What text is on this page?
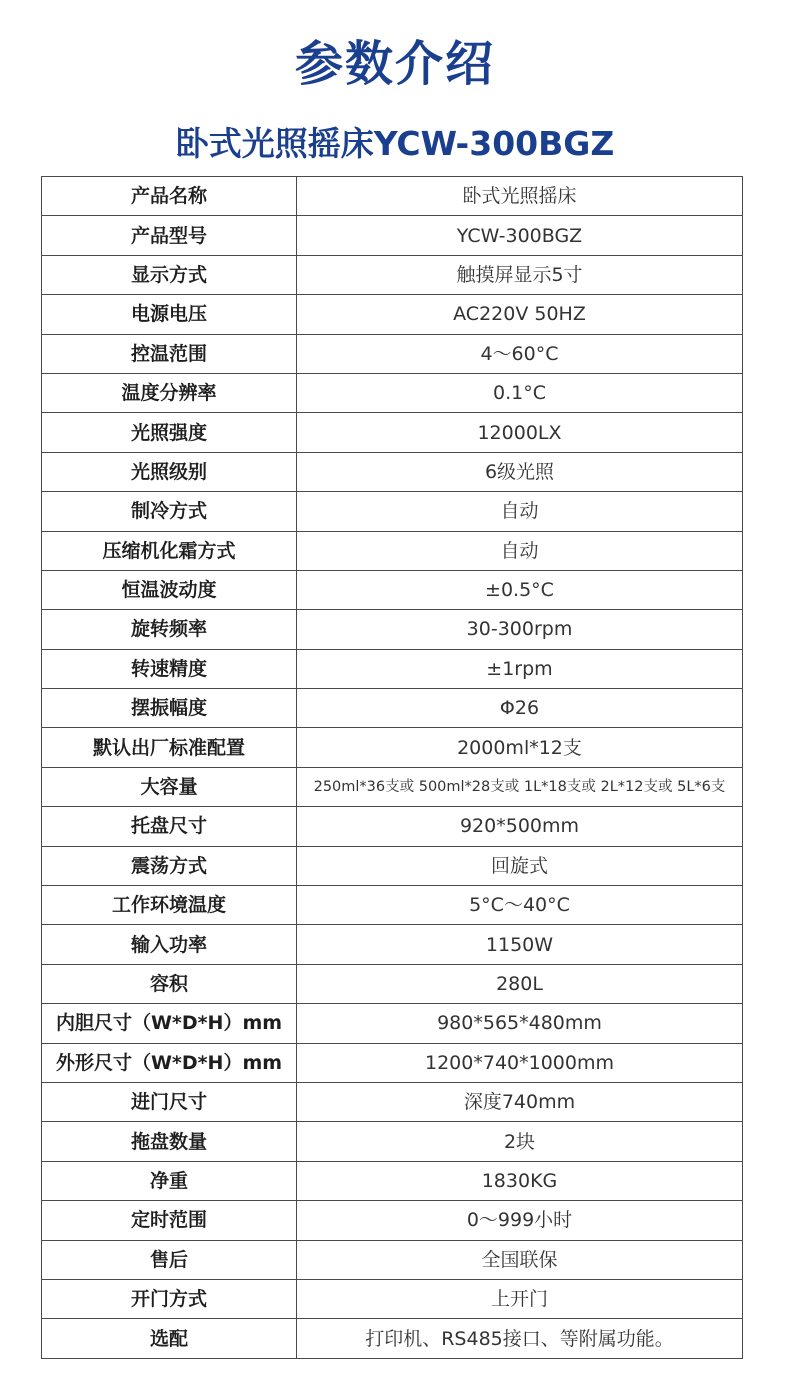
参数介绍
卧式光照摇床YCW-300BGZ
产品名称	卧式光照摇床
产品型号	YCW-300BGZ
显示方式	触摸屏显示5寸
电源电压	AC220V 50HZ
控温范围	4～60°C
温度分辨率	0.1°C
光照强度	12000LX
光照级别	6级光照
制冷方式	自动
压缩机化霜方式	自动
恒温波动度	±0.5°C
旋转频率	30-300rpm
转速精度	±1rpm
摆振幅度	Φ26
默认出厂标准配置	2000ml*12支
大容量	250ml*36支或 500ml*28支或 1L*18支或 2L*12支或 5L*6支
托盘尺寸	920*500mm
震荡方式	回旋式
工作环境温度	5°C～40°C
输入功率	1150W
容积	280L
内胆尺寸（W*D*H）mm	980*565*480mm
外形尺寸（W*D*H）mm	1200*740*1000mm
进门尺寸	深度740mm
拖盘数量	2块
净重	1830KG
定时范围	0～999小时
售后	全国联保
开门方式	上开门
选配	打印机、RS485接口、等附属功能。
